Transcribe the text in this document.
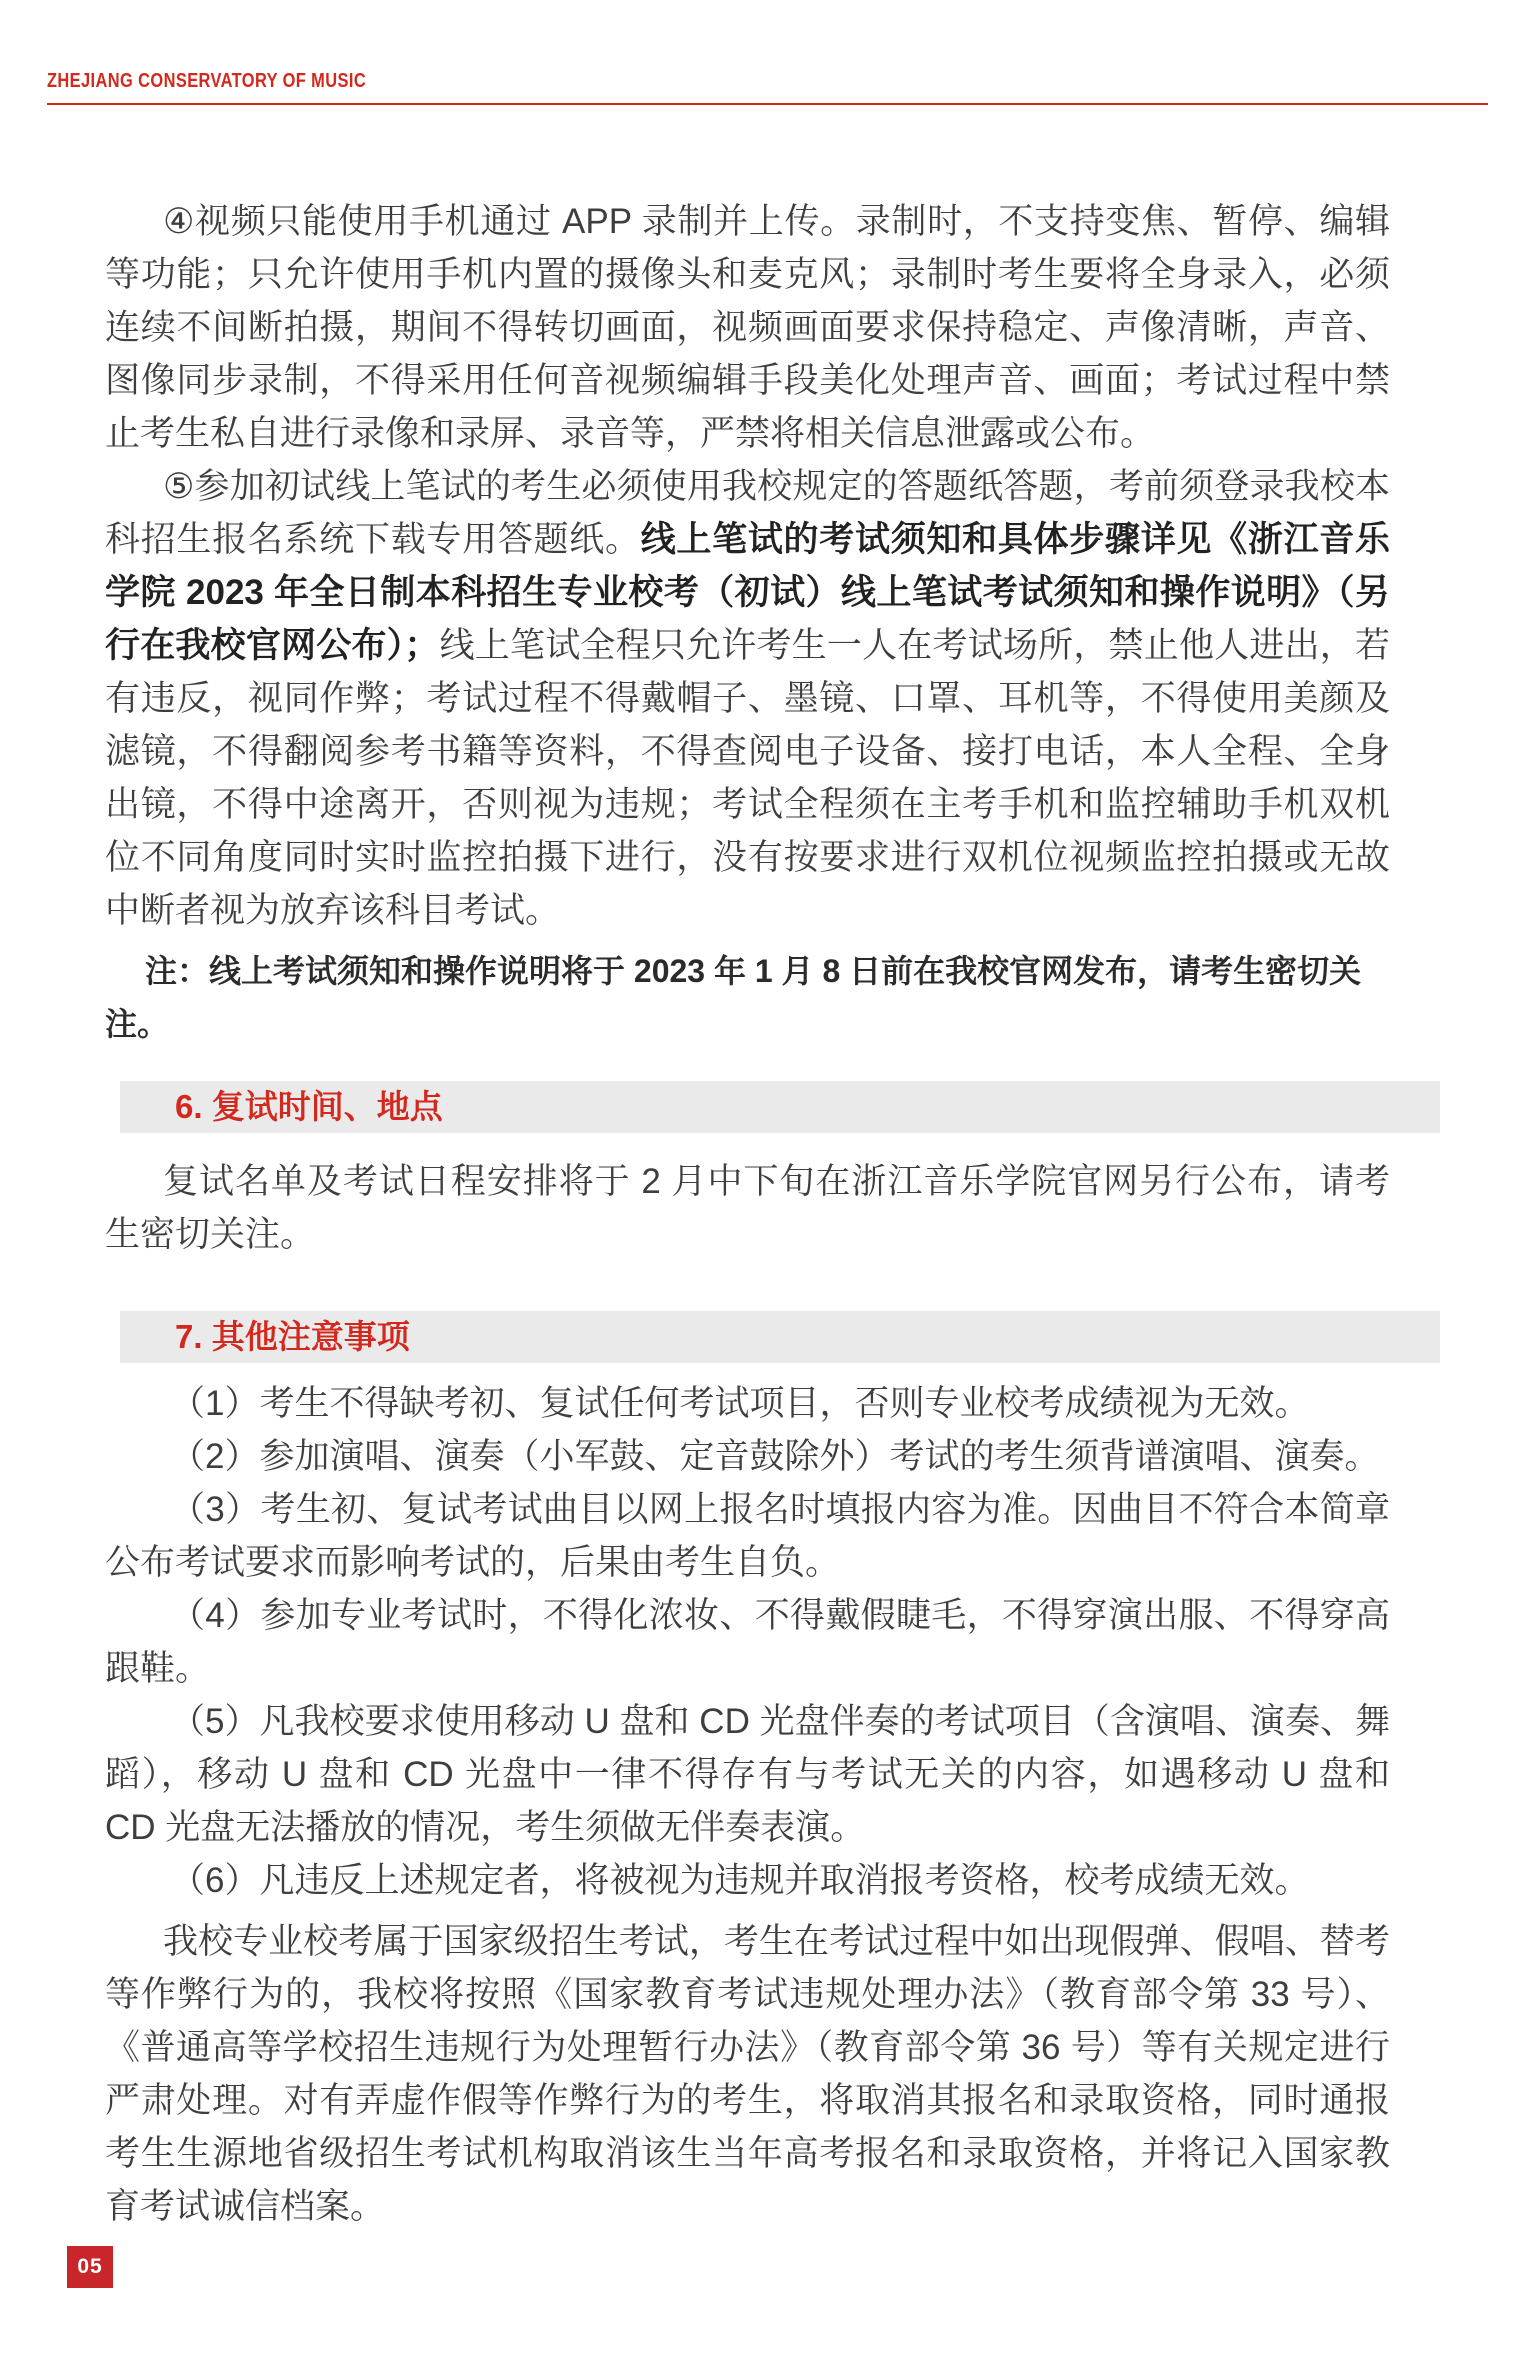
ZHEJIANG CONSERVATORY OF MUSIC

④视频只能使用手机通过 APP 录制并上传。录制时，不支持变焦、暂停、编辑等功能；只允许使用手机内置的摄像头和麦克风；录制时考生要将全身录入，必须连续不间断拍摄，期间不得转切画面，视频画面要求保持稳定、声像清晰，声音、图像同步录制，不得采用任何音视频编辑手段美化处理声音、画面；考试过程中禁止考生私自进行录像和录屏、录音等，严禁将相关信息泄露或公布。

⑤参加初试线上笔试的考生必须使用我校规定的答题纸答题，考前须登录我校本科招生报名系统下载专用答题纸。线上笔试的考试须知和具体步骤详见《浙江音乐学院 2023 年全日制本科招生专业校考（初试）线上笔试考试须知和操作说明》（另行在我校官网公布）；线上笔试全程只允许考生一人在考试场所，禁止他人进出，若有违反，视同作弊；考试过程不得戴帽子、墨镜、口罩、耳机等，不得使用美颜及滤镜，不得翻阅参考书籍等资料，不得查阅电子设备、接打电话，本人全程、全身出镜，不得中途离开，否则视为违规；考试全程须在主考手机和监控辅助手机双机位不同角度同时实时监控拍摄下进行，没有按要求进行双机位视频监控拍摄或无故中断者视为放弃该科目考试。

注：线上考试须知和操作说明将于 2023 年 1 月 8 日前在我校官网发布，请考生密切关注。

6. 复试时间、地点

复试名单及考试日程安排将于 2 月中下旬在浙江音乐学院官网另行公布，请考生密切关注。

7. 其他注意事项

（1）考生不得缺考初、复试任何考试项目，否则专业校考成绩视为无效。

（2）参加演唱、演奏（小军鼓、定音鼓除外）考试的考生须背谱演唱、演奏。

（3）考生初、复试考试曲目以网上报名时填报内容为准。因曲目不符合本简章公布考试要求而影响考试的，后果由考生自负。

（4）参加专业考试时，不得化浓妆、不得戴假睫毛，不得穿演出服、不得穿高跟鞋。

（5）凡我校要求使用移动 U 盘和 CD 光盘伴奏的考试项目（含演唱、演奏、舞蹈），移动 U 盘和 CD 光盘中一律不得存有与考试无关的内容，如遇移动 U 盘和 CD 光盘无法播放的情况，考生须做无伴奏表演。

（6）凡违反上述规定者，将被视为违规并取消报考资格，校考成绩无效。

我校专业校考属于国家级招生考试，考生在考试过程中如出现假弹、假唱、替考等作弊行为的，我校将按照《国家教育考试违规处理办法》（教育部令第 33 号）、《普通高等学校招生违规行为处理暂行办法》（教育部令第 36 号）等有关规定进行严肃处理。对有弄虚作假等作弊行为的考生，将取消其报名和录取资格，同时通报考生生源地省级招生考试机构取消该生当年高考报名和录取资格，并将记入国家教育考试诚信档案。

05
